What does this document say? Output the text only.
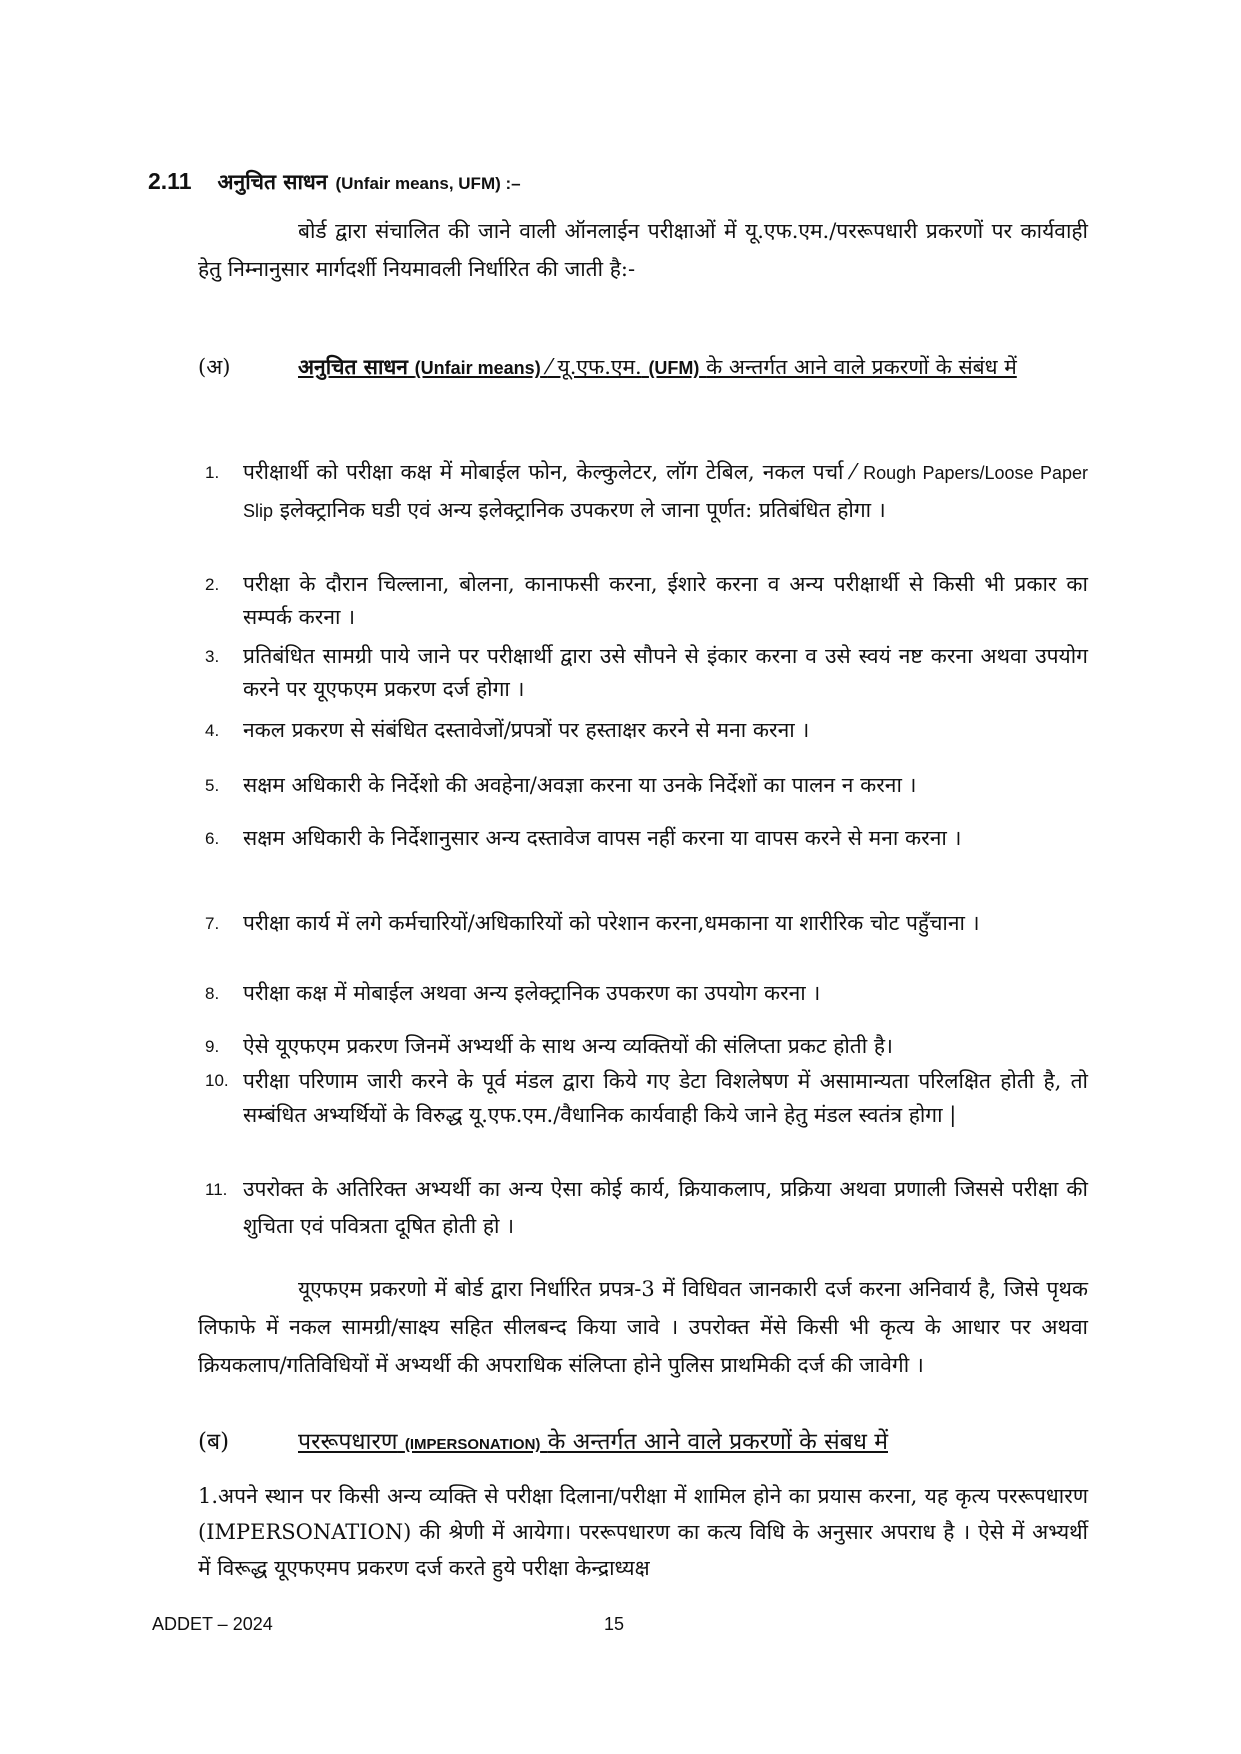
2.11 अनुचित साधन (Unfair means, UFM) :–
बोर्ड द्वारा संचालित की जाने वाली ऑनलाईन परीक्षाओं में यू.एफ.एम./पररूपधारी प्रकरणों पर कार्यवाही हेतु निम्नानुसार मार्गदर्शी नियमावली निर्धारित की जाती है:-
(अ)	अनुचित साधन (Unfair means) ⁄ यू.एफ.एम. (UFM) के अन्तर्गत आने वाले प्रकरणों के संबंध में
1.	परीक्षार्थी को परीक्षा कक्ष में मोबाईल फोन, केल्कुलेटर, लॉग टेबिल, नकल पर्चा ⁄ Rough Papers/Loose Paper Slip इलेक्ट्रानिक घडी एवं अन्य इलेक्ट्रानिक उपकरण ले जाना पूर्णत: प्रतिबंधित होगा ।
2.	परीक्षा के दौरान चिल्लाना, बोलना, कानाफसी करना, ईशारे करना व अन्य परीक्षार्थी से किसी भी प्रकार का सम्पर्क करना ।
3.	प्रतिबंधित सामग्री पाये जाने पर परीक्षार्थी द्वारा उसे सौपने से इंकार करना व उसे स्वयं नष्ट करना अथवा उपयोग करने पर यूएफएम प्रकरण दर्ज होगा ।
4.	नकल प्रकरण से संबंधित दस्तावेजों/प्रपत्रों पर हस्ताक्षर करने से मना करना ।
5.	सक्षम अधिकारी के निर्देशो की अवहेना/अवज्ञा करना या उनके निर्देशों का पालन न करना ।
6.	सक्षम अधिकारी के निर्देशानुसार अन्य दस्तावेज वापस नहीं करना या वापस करने से मना करना ।
7.	परीक्षा कार्य में लगे कर्मचारियों/अधिकारियों को परेशान करना,धमकाना या शारीरिक चोट पहुँचाना ।
8.	परीक्षा कक्ष में मोबाईल अथवा अन्य इलेक्ट्रानिक उपकरण का उपयोग करना ।
9.	ऐसे यूएफएम प्रकरण जिनमें अभ्यर्थी के साथ अन्य व्यक्तियों की संलिप्ता प्रकट होती है।
10. परीक्षा परिणाम जारी करने के पूर्व मंडल द्वारा किये गए डेटा विशलेषण में असामान्यता परिलक्षित होती है, तो सम्बंधित अभ्यर्थियों के विरुद्ध यू.एफ.एम./वैधानिक कार्यवाही किये जाने हेतु मंडल स्वतंत्र होगा |
11. उपरोक्त के अतिरिक्त अभ्यर्थी का अन्य ऐसा कोई कार्य, क्रियाकलाप, प्रक्रिया अथवा प्रणाली जिससे परीक्षा की शुचिता एवं पवित्रता दूषित होती हो ।
यूएफएम प्रकरणो में बोर्ड द्वारा निर्धारित प्रपत्र-3 में विधिवत जानकारी दर्ज करना अनिवार्य है, जिसे पृथक लिफाफे में नकल सामग्री/साक्ष्य सहित सीलबन्द किया जावे । उपरोक्त मेंसे किसी भी कृत्य के आधार पर अथवा क्रियकलाप/गतिविधियों में अभ्यर्थी की अपराधिक संलिप्ता होने पुलिस प्राथमिकी दर्ज की जावेगी ।
(ब)	पररूपधारण (IMPERSONATION) के अन्तर्गत आने वाले प्रकरणों के संबध में
1.अपने स्थान पर किसी अन्य व्यक्ति से परीक्षा दिलाना/परीक्षा में शामिल होने का प्रयास करना, यह कृत्य पररूपधारण (IMPERSONATION) की श्रेणी में आयेगा। पररूपधारण का कत्य विधि के अनुसार अपराध है । ऐसे में अभ्यर्थी में विरूद्ध यूएफएमप प्रकरण दर्ज करते हुये परीक्षा केन्द्राध्यक्ष
ADDET – 2024	15
